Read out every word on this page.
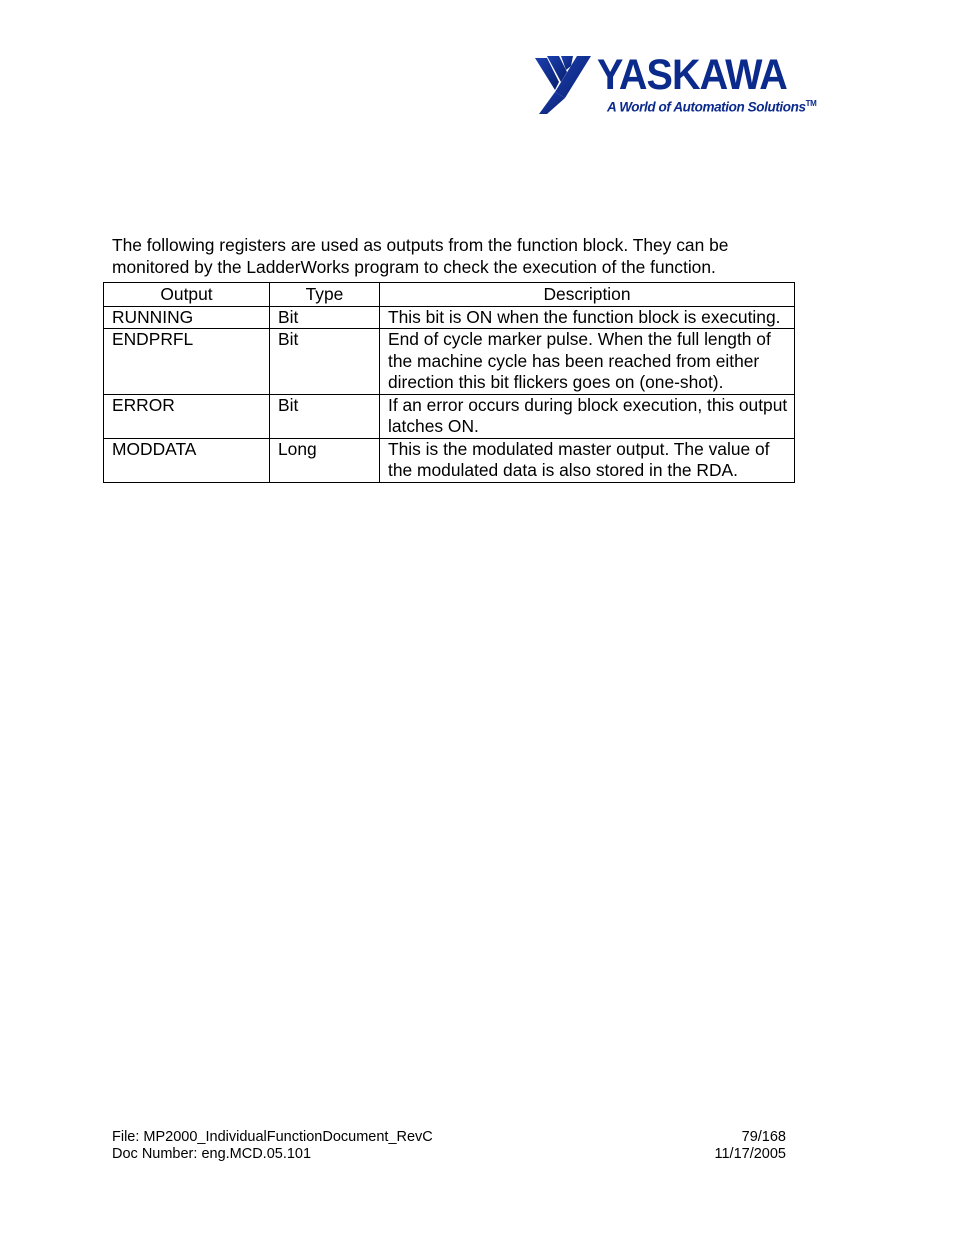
YASKAWA
A World of Automation Solutions™

The following registers are used as outputs from the function block. They can be monitored by the LadderWorks program to check the execution of the function.

Output	Type	Description
RUNNING	Bit	This bit is ON when the function block is executing.
ENDPRFL	Bit	End of cycle marker pulse. When the full length of the machine cycle has been reached from either direction this bit flickers goes on (one-shot).
ERROR	Bit	If an error occurs during block execution, this output latches ON.
MODDATA	Long	This is the modulated master output. The value of the modulated data is also stored in the RDA.
File: MP2000_IndividualFunctionDocument_RevC	79/168
Doc Number: eng.MCD.05.101	11/17/2005
